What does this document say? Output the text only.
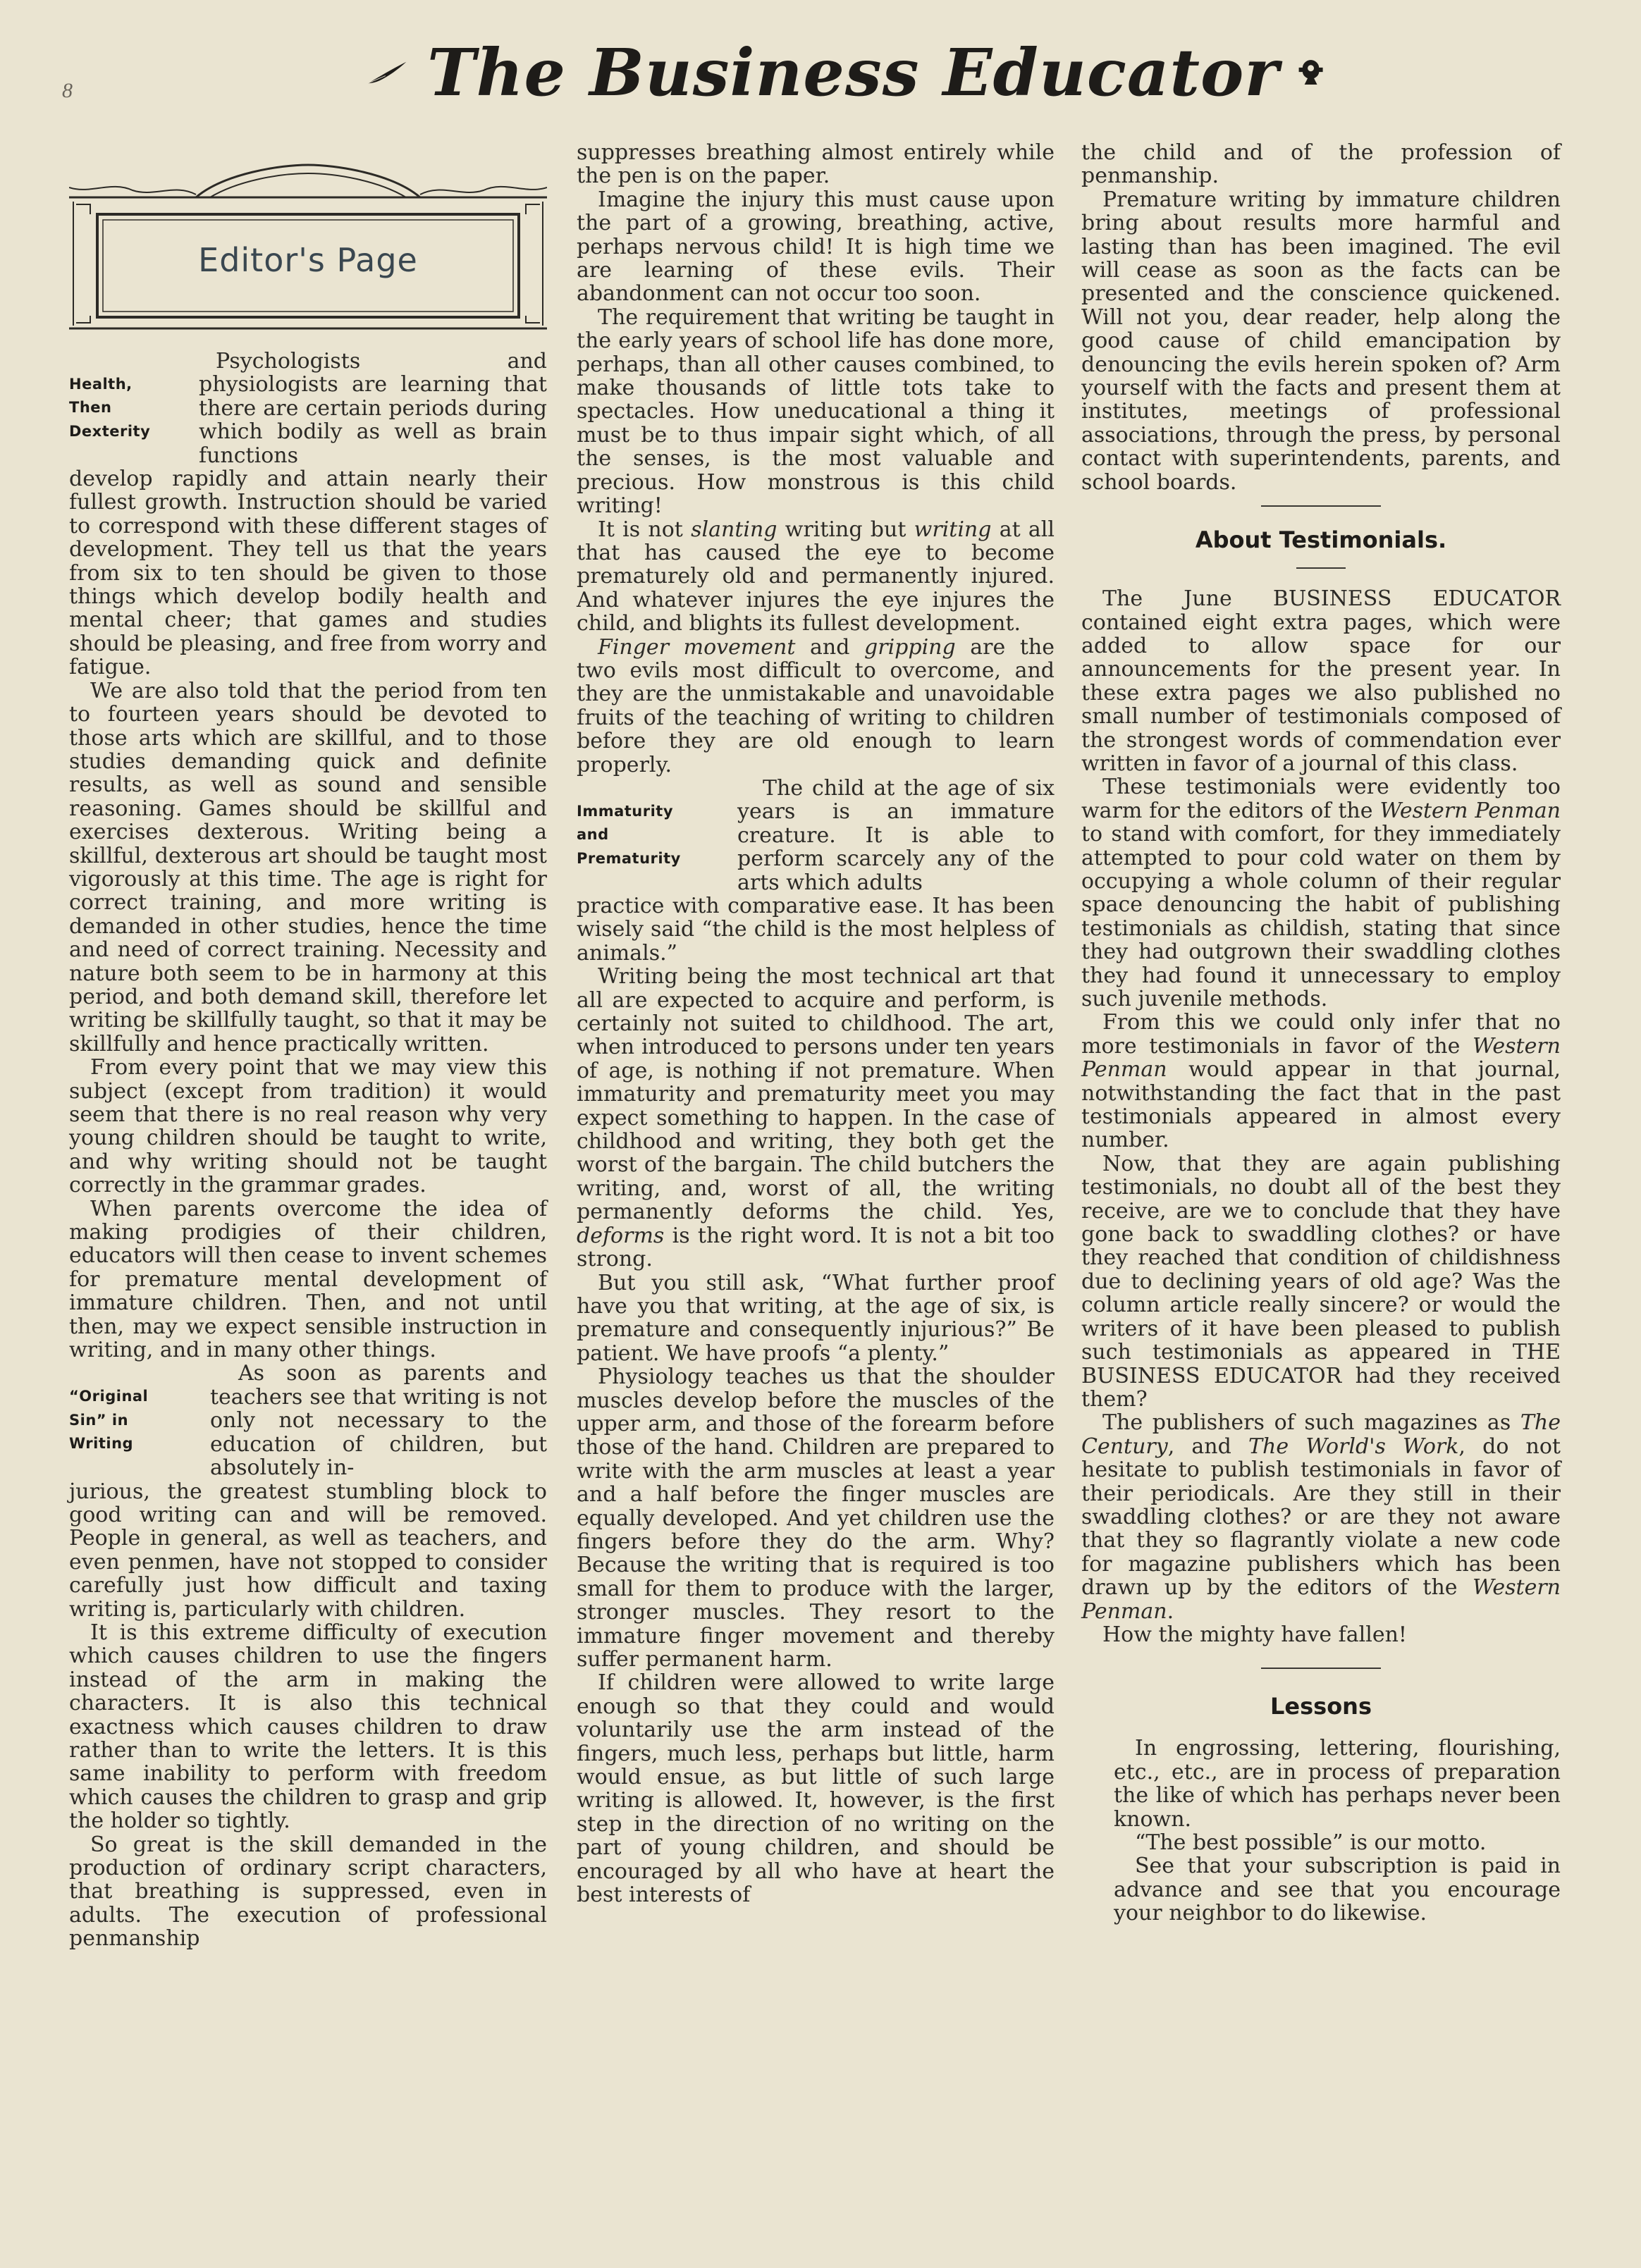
8	The Business Educator
Editor's Page
Health,
Then
Dexterity
Psychologists and physiologists are learning that there are certain periods during which bodily as well as brain functions

develop rapidly and attain nearly their fullest growth. Instruction should be varied to correspond with these different stages of development. They tell us that the years from six to ten should be given to those things which develop bodily health and mental cheer; that games and studies should be pleasing, and free from worry and fatigue.

We are also told that the period from ten to fourteen years should be devoted to those arts which are skillful, and to those studies demanding quick and definite results, as well as sound and sensible reasoning. Games should be skillful and exercises dexterous. Writing being a skillful, dexterous art should be taught most vigorously at this time. The age is right for correct training, and more writing is demanded in other studies, hence the time and need of correct training. Necessity and nature both seem to be in harmony at this period, and both demand skill, therefore let writing be skillfully taught, so that it may be skillfully and hence practically written.

From every point that we may view this subject (except from tradition) it would seem that there is no real reason why very young children should be taught to write, and why writing should not be taught correctly in the grammar grades.

When parents overcome the idea of making prodigies of their children, educators will then cease to invent schemes for premature mental development of immature children. Then, and not until then, may we expect sensible instruction in writing, and in many other things.

“Original
Sin” in
Writing
As soon as parents and teachers see that writing is not only not necessary to the education of children, but absolutely in-

jurious, the greatest stumbling block to good writing can and will be removed. People in general, as well as teachers, and even penmen, have not stopped to consider carefully just how difficult and taxing writing is, particularly with children.

It is this extreme difficulty of execution which causes children to use the fingers instead of the arm in making the characters. It is also this technical exactness which causes children to draw rather than to write the letters. It is this same inability to perform with freedom which causes the children to grasp and grip the holder so tightly.

So great is the skill demanded in the production of ordinary script characters, that breathing is suppressed, even in adults. The execution of professional penmanship

suppresses breathing almost entirely while the pen is on the paper.

Imagine the injury this must cause upon the part of a growing, breathing, active, perhaps nervous child! It is high time we are learning of these evils. Their abandonment can not occur too soon.

The requirement that writing be taught in the early years of school life has done more, perhaps, than all other causes combined, to make thousands of little tots take to spectacles. How uneducational a thing it must be to thus impair sight which, of all the senses, is the most valuable and precious. How monstrous is this child writing!

It is not slanting writing but writing at all that has caused the eye to become prematurely old and permanently injured. And whatever injures the eye injures the child, and blights its fullest development.

Finger movement and gripping are the two evils most difficult to overcome, and they are the unmistakable and unavoidable fruits of the teaching of writing to children before they are old enough to learn properly.

Immaturity
and
Prematurity
The child at the age of six years is an immature creature. It is able to perform scarcely any of the arts which adults

practice with comparative ease. It has been wisely said “the child is the most helpless of animals.”

Writing being the most technical art that all are expected to acquire and perform, is certainly not suited to childhood. The art, when introduced to persons under ten years of age, is nothing if not premature. When immaturity and prematurity meet you may expect something to happen. In the case of childhood and writing, they both get the worst of the bargain. The child butchers the writing, and, worst of all, the writing permanently deforms the child. Yes, deforms is the right word. It is not a bit too strong.

But you still ask, “What further proof have you that writing, at the age of six, is premature and consequently injurious?” Be patient. We have proofs “a plenty.”

Physiology teaches us that the shoulder muscles develop before the muscles of the upper arm, and those of the forearm before those of the hand. Children are prepared to write with the arm muscles at least a year and a half before the finger muscles are equally developed. And yet children use the fingers before they do the arm. Why? Because the writing that is required is too small for them to produce with the larger, stronger muscles. They resort to the immature finger movement and thereby suffer permanent harm.

If children were allowed to write large enough so that they could and would voluntarily use the arm instead of the fingers, much less, perhaps but little, harm would ensue, as but little of such large writing is allowed. It, however, is the first step in the direction of no writing on the part of young children, and should be encouraged by all who have at heart the best interests of

the child and of the profession of penmanship.

Premature writing by immature children bring about results more harmful and lasting than has been imagined. The evil will cease as soon as the facts can be presented and the conscience quickened. Will not you, dear reader, help along the good cause of child emancipation by denouncing the evils herein spoken of? Arm yourself with the facts and present them at institutes, meetings of professional associations, through the press, by personal contact with superintendents, parents, and school boards.

About Testimonials.

The June BUSINESS EDUCATOR contained eight extra pages, which were added to allow space for our announcements for the present year. In these extra pages we also published no small number of testimonials composed of the strongest words of commendation ever written in favor of a journal of this class.

These testimonials were evidently too warm for the editors of the Western Penman to stand with comfort, for they immediately attempted to pour cold water on them by occupying a whole column of their regular space denouncing the habit of publishing testimonials as childish, stating that since they had outgrown their swaddling clothes they had found it unnecessary to employ such juvenile methods.

From this we could only infer that no more testimonials in favor of the Western Penman would appear in that journal, notwithstanding the fact that in the past testimonials appeared in almost every number.

Now, that they are again publishing testimonials, no doubt all of the best they receive, are we to conclude that they have gone back to swaddling clothes? or have they reached that condition of childishness due to declining years of old age? Was the column article really sincere? or would the writers of it have been pleased to publish such testimonials as appeared in THE BUSINESS EDUCATOR had they received them?

The publishers of such magazines as The Century, and The World's Work, do not hesitate to publish testimonials in favor of their periodicals. Are they still in their swaddling clothes? or are they not aware that they so flagrantly violate a new code for magazine publishers which has been drawn up by the editors of the Western Penman.

How the mighty have fallen!

Lessons

In engrossing, lettering, flourishing, etc., etc., are in process of preparation the like of which has perhaps never been known.

“The best possible” is our motto.

See that your subscription is paid in advance and see that you encourage your neighbor to do likewise.
